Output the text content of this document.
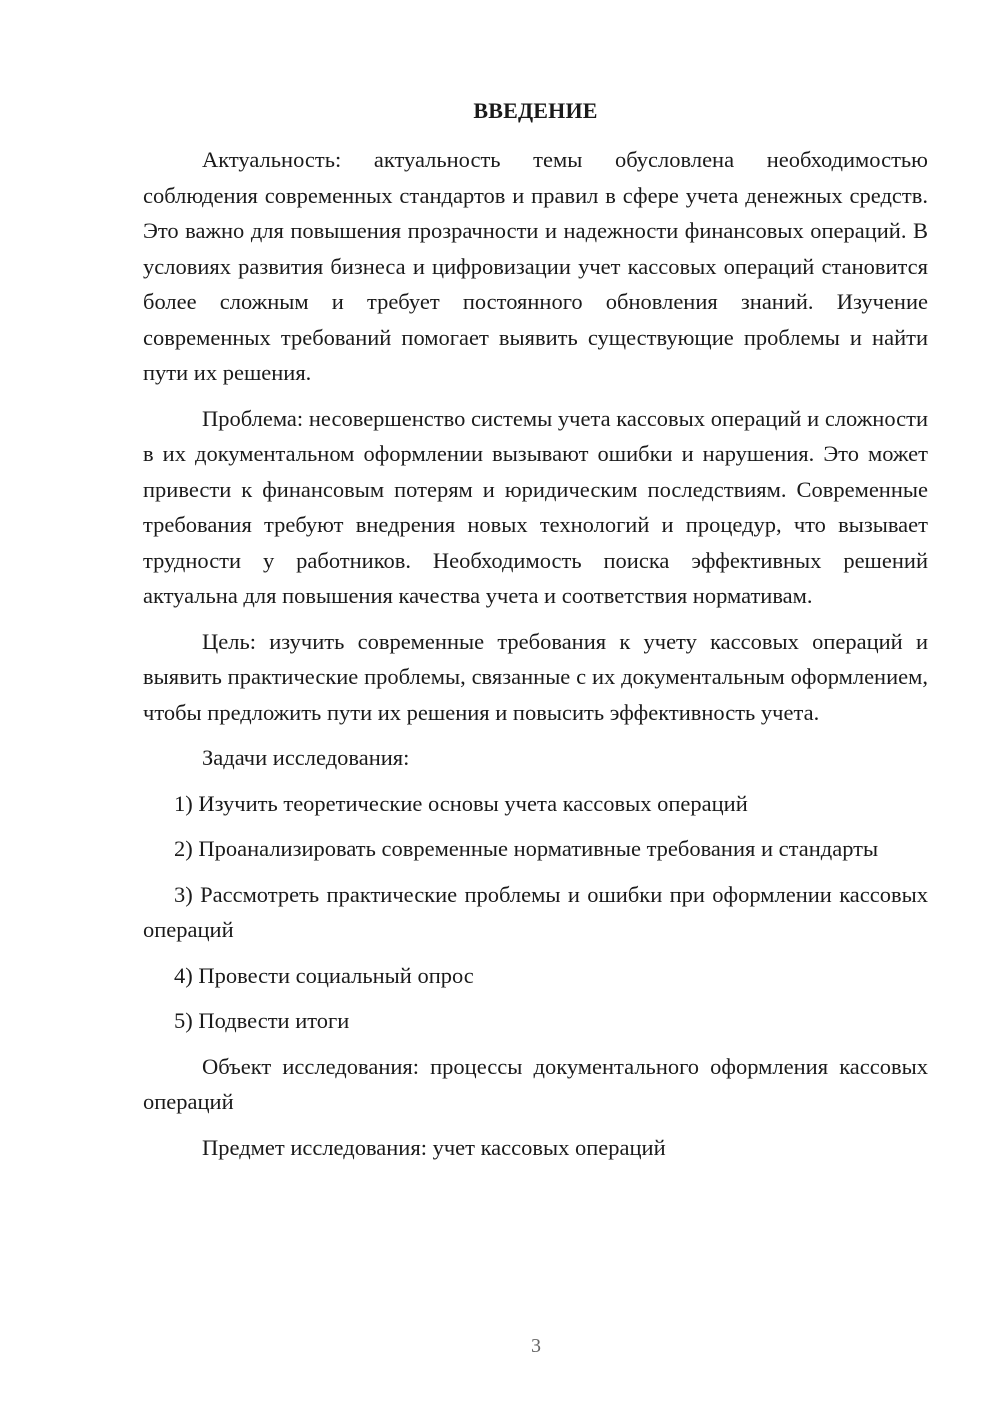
ВВЕДЕНИЕ

Актуальность: актуальность темы обусловлена необходимостью соблюдения современных стандартов и правил в сфере учета денежных средств. Это важно для повышения прозрачности и надежности финансовых операций. В условиях развития бизнеса и цифровизации учет кассовых операций становится более сложным и требует постоянного обновления знаний. Изучение современных требований помогает выявить существующие проблемы и найти пути их решения.

Проблема: несовершенство системы учета кассовых операций и сложности в их документальном оформлении вызывают ошибки и нарушения. Это может привести к финансовым потерям и юридическим последствиям. Современные требования требуют внедрения новых технологий и процедур, что вызывает трудности у работников. Необходимость поиска эффективных решений актуальна для повышения качества учета и соответствия нормативам.

Цель: изучить современные требования к учету кассовых операций и выявить практические проблемы, связанные с их документальным оформлением, чтобы предложить пути их решения и повысить эффективность учета.

Задачи исследования:

1) Изучить теоретические основы учета кассовых операций

2) Проанализировать современные нормативные требования и стандарты

3) Рассмотреть практические проблемы и ошибки при оформлении кассовых операций

4) Провести социальный опрос

5) Подвести итоги

Объект исследования: процессы документального оформления кассовых операций

Предмет исследования: учет кассовых операций

3
